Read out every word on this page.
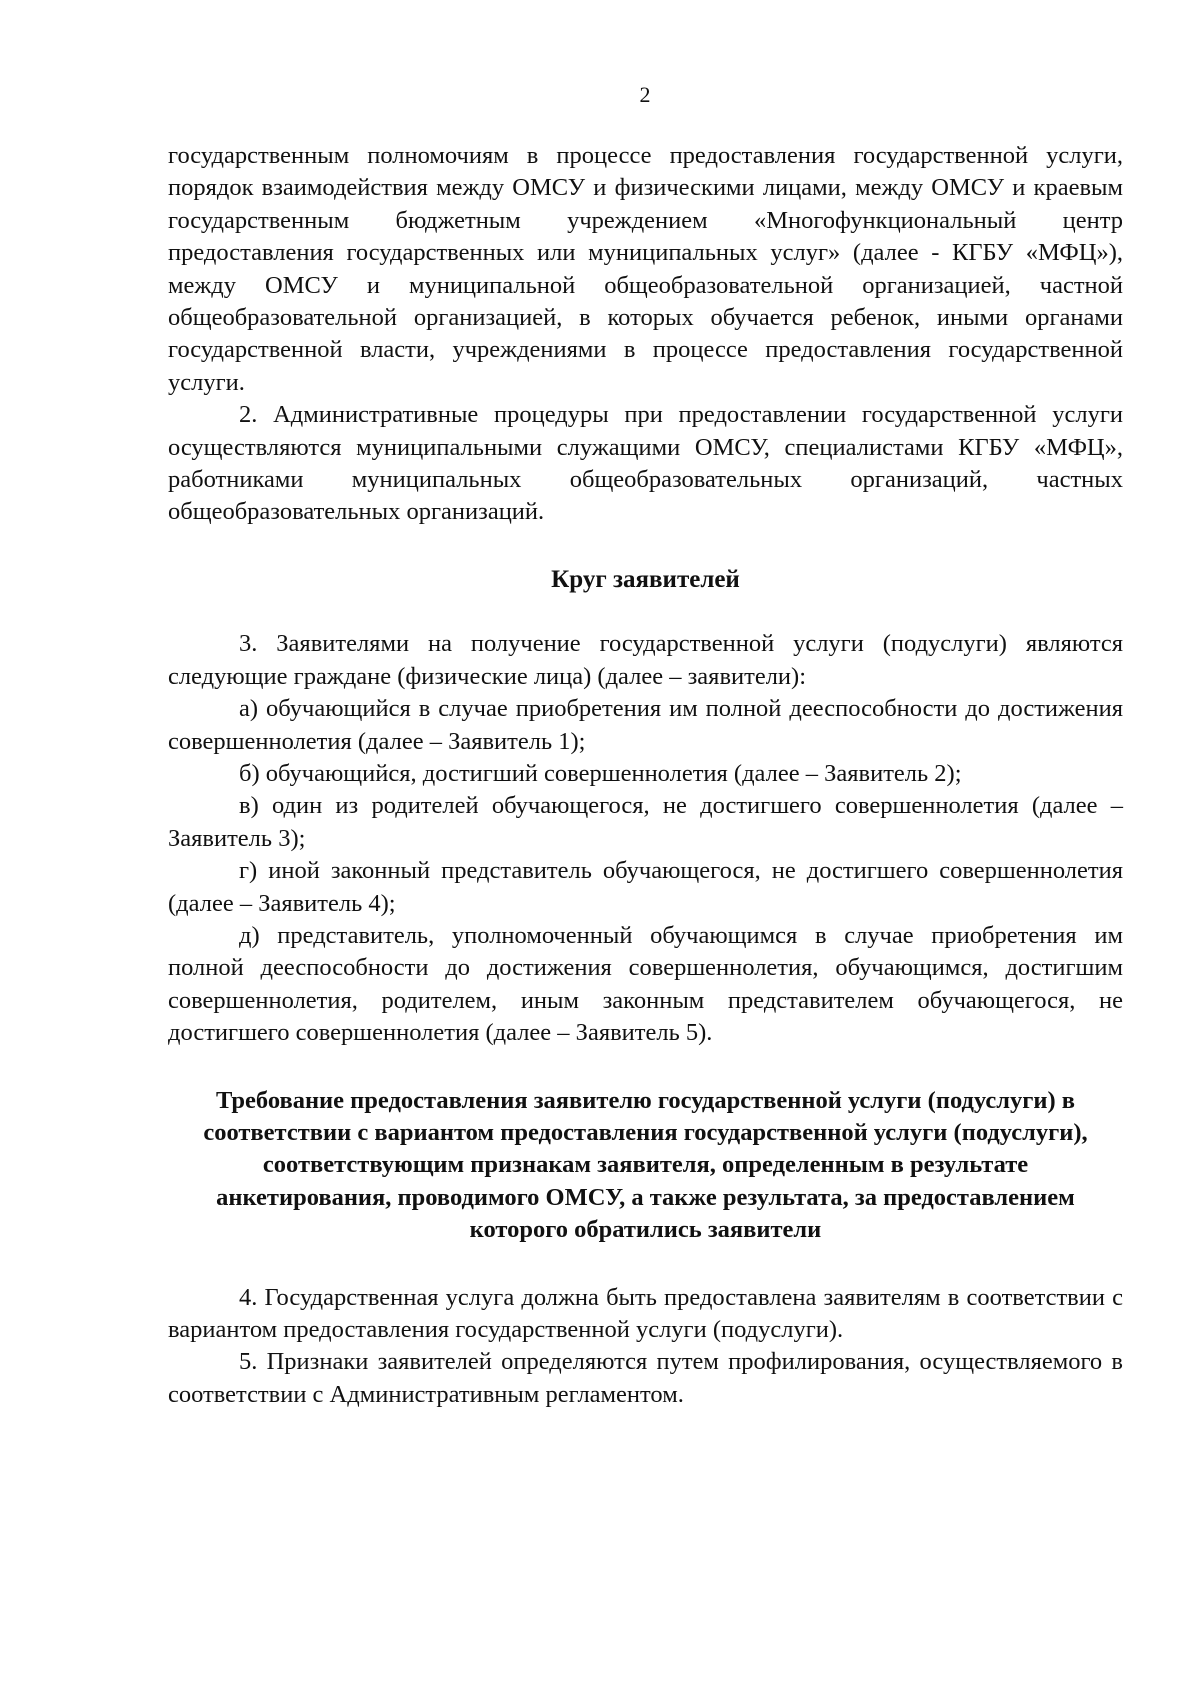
2

государственным полномочиям в процессе предоставления государственной услуги, порядок взаимодействия между ОМСУ и физическими лицами, между ОМСУ и краевым государственным бюджетным учреждением «Многофункциональный центр предоставления государственных или муниципальных услуг» (далее - КГБУ «МФЦ»), между ОМСУ и муниципальной общеобразовательной организацией, частной общеобразовательной организацией, в которых обучается ребенок, иными органами государственной власти, учреждениями в процессе предоставления государственной услуги.

2. Административные процедуры при предоставлении государственной услуги осуществляются муниципальными служащими ОМСУ, специалистами КГБУ «МФЦ», работниками муниципальных общеобразовательных организаций, частных общеобразовательных организаций.

Круг заявителей

3. Заявителями на получение государственной услуги (подуслуги) являются следующие граждане (физические лица) (далее – заявители):

а) обучающийся в случае приобретения им полной дееспособности до достижения совершеннолетия (далее – Заявитель 1);

б) обучающийся, достигший совершеннолетия (далее – Заявитель 2);

в) один из родителей обучающегося, не достигшего совершеннолетия (далее – Заявитель 3);

г) иной законный представитель обучающегося, не достигшего совершеннолетия (далее – Заявитель 4);

д) представитель, уполномоченный обучающимся в случае приобретения им полной дееспособности до достижения совершеннолетия, обучающимся, достигшим совершеннолетия, родителем, иным законным представителем обучающегося, не достигшего совершеннолетия (далее – Заявитель 5).

Требование предоставления заявителю государственной услуги (подуслуги) в соответствии с вариантом предоставления государственной услуги (подуслуги), соответствующим признакам заявителя, определенным в результате анкетирования, проводимого ОМСУ, а также результата, за предоставлением которого обратились заявители

4. Государственная услуга должна быть предоставлена заявителям в соответствии с вариантом предоставления государственной услуги (подуслуги).

5. Признаки заявителей определяются путем профилирования, осуществляемого в соответствии с Административным регламентом.
